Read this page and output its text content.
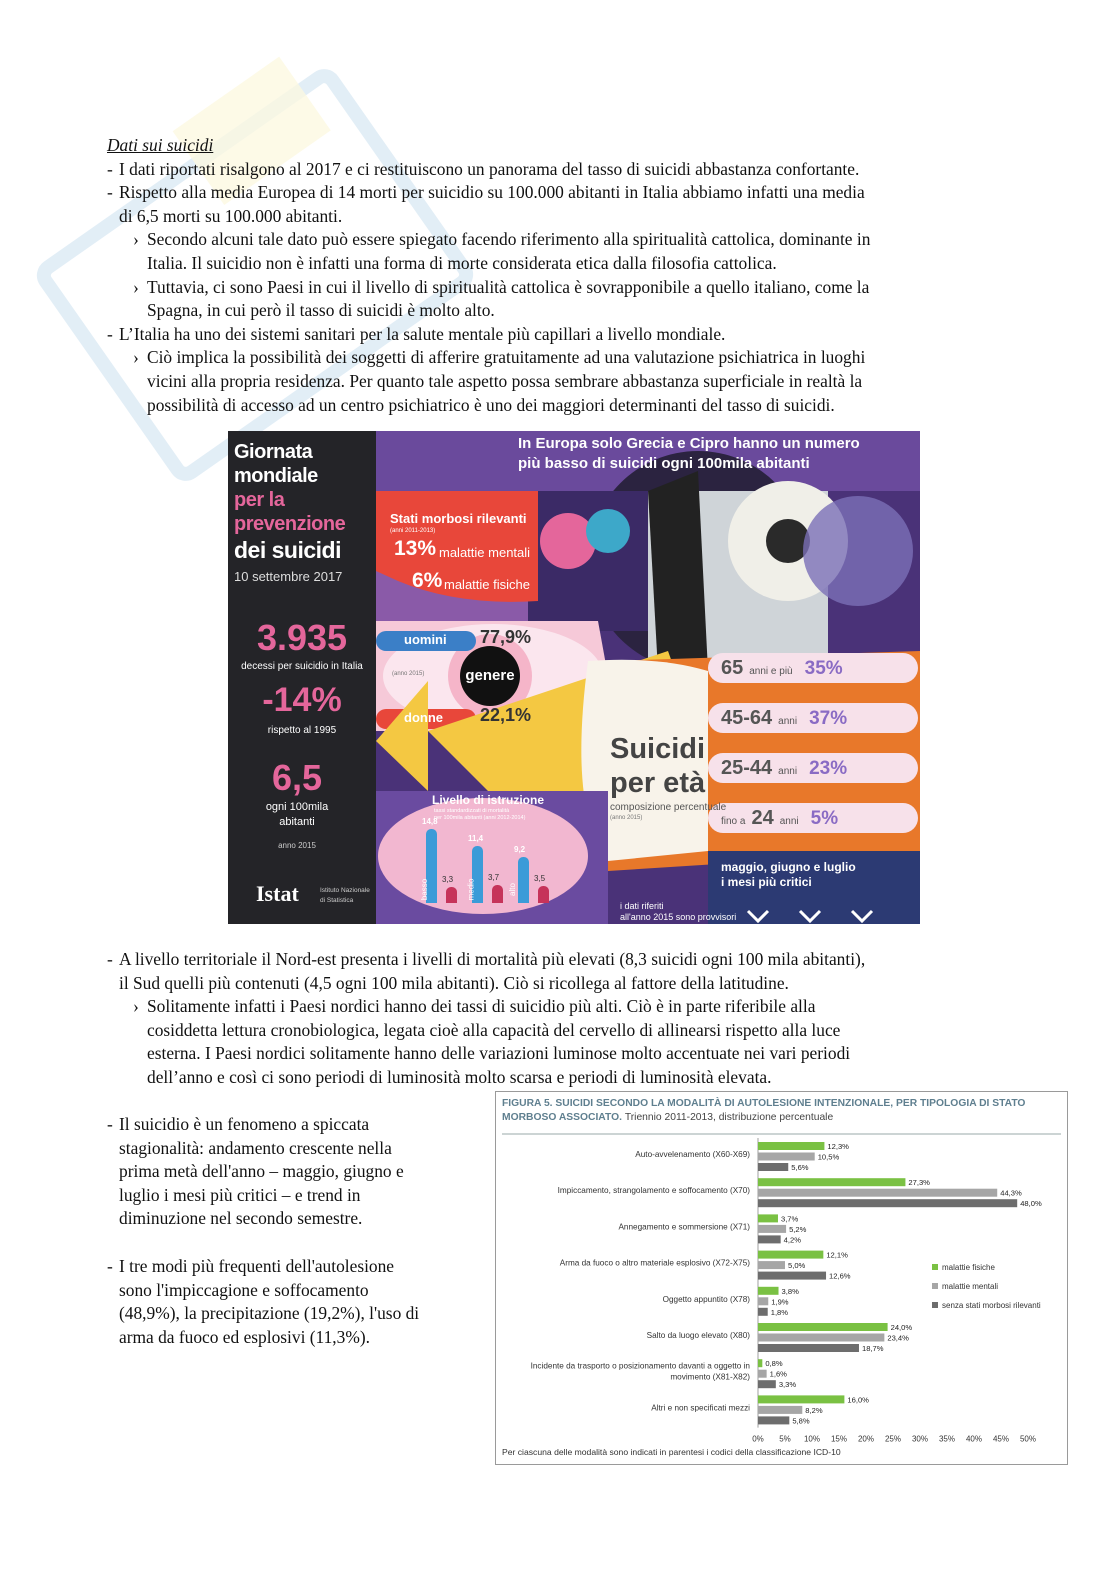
Dati sui suicidi
- I dati riportati risalgono al 2017 e ci restituiscono un panorama del tasso di suicidi abbastanza confortante.
- Rispetto alla media Europea di 14 morti per suicidio su 100.000 abitanti in Italia abbiamo infatti una media
di 6,5 morti su 100.000 abitanti.
› Secondo alcuni tale dato può essere spiegato facendo riferimento alla spiritualità cattolica, dominante in
Italia. Il suicidio non è infatti una forma di morte considerata etica dalla filosofia cattolica.
› Tuttavia, ci sono Paesi in cui il livello di spiritualità cattolica è sovrapponibile a quello italiano, come la
Spagna, in cui però il tasso di suicidi è molto alto.
- L’Italia ha uno dei sistemi sanitari per la salute mentale più capillari a livello mondiale.
› Ciò implica la possibilità dei soggetti di afferire gratuitamente ad una valutazione psichiatrica in luoghi
vicini alla propria residenza. Per quanto tale aspetto possa sembrare abbastanza superficiale in realtà la
possibilità di accesso ad un centro psichiatrico è uno dei maggiori determinanti del tasso di suicidi.
Giornata
mondiale
per la
prevenzione
dei suicidi
10 settembre 2017
3.935
decessi per suicidio in Italia
-14%
rispetto al 1995
6,5
ogni 100mila
abitanti
anno 2015
Istat	Istituto Nazionale
di Statistica
In Europa solo Grecia e Cipro hanno un numero
più basso di suicidi ogni 100mila abitanti
Stati morbosi rilevanti
(anni 2011-2013)
13% malattie mentali
6% malattie fisiche
uomini 77,9%
genere
(anno 2015)
donne 22,1%
Suicidi
per età
composizione percentuale
(anno 2015)
65 anni e più 35%
45-64 anni 37%
25-44 anni 23%
fino a 24 anni 5%
maggio, giugno e luglio
i mesi più critici
Livello di istruzione
tassi standardizzati di mortalità
per 100mila abitanti (anni 2012-2014)
i dati riferiti
all'anno 2015 sono provvisori
14,8
3,3
basso
11,4
3,7
medio
9,2
3,5
alto
- A livello territoriale il Nord-est presenta i livelli di mortalità più elevati (8,3 suicidi ogni 100 mila abitanti),
il Sud quelli più contenuti (4,5 ogni 100 mila abitanti). Ciò si ricollega al fattore della latitudine.
› Solitamente infatti i Paesi nordici hanno dei tassi di suicidio più alti. Ciò è in parte riferibile alla
cosiddetta lettura cronobiologica, legata cioè alla capacità del cervello di allinearsi rispetto alla luce
esterna. I Paesi nordici solitamente hanno delle variazioni luminose molto accentuate nei vari periodi
dell’anno e così ci sono periodi di luminosità molto scarsa e periodi di luminosità elevata.
- Il suicidio è un fenomeno a spiccata
stagionalità: andamento crescente nella
prima metà dell'anno – maggio, giugno e
luglio i mesi più critici – e trend in
diminuzione nel secondo semestre.
- I tre modi più frequenti dell'autolesione
sono l'impiccagione e soffocamento
(48,9%), la precipitazione (19,2%), l'uso di
arma da fuoco ed esplosivi (11,3%).
FIGURA 5. SUICIDI SECONDO LA MODALITÀ DI AUTOLESIONE INTENZIONALE, PER TIPOLOGIA DI STATO MORBOSO ASSOCIATO. Triennio 2011-2013, distribuzione percentuale
Auto-avvelenamento (X60-X69)
12,3%
10,5%
5,6%
Impiccamento, strangolamento e soffocamento (X70)
27,3%
44,3%
48,0%
Annegamento e sommersione (X71)
3,7%
5,2%
4,2%
Arma da fuoco o altro materiale esplosivo (X72-X75)
12,1%
5,0%
12,6%
Oggetto appuntito (X78)
3,8%
1,9%
1,8%
Salto da luogo elevato (X80)
24,0%
23,4%
18,7%
Incidente da trasporto o posizionamento davanti a oggetto in
movimento (X81-X82)
0,8%
1,6%
3,3%
Altri e non specificati mezzi
16,0%
8,2%
5,8%
0% 5% 10% 15% 20% 25% 30% 35% 40% 45% 50%
malattie fisiche
malattie mentali
senza stati morbosi rilevanti
Per ciascuna delle modalità sono indicati in parentesi i codici della classificazione ICD-10
